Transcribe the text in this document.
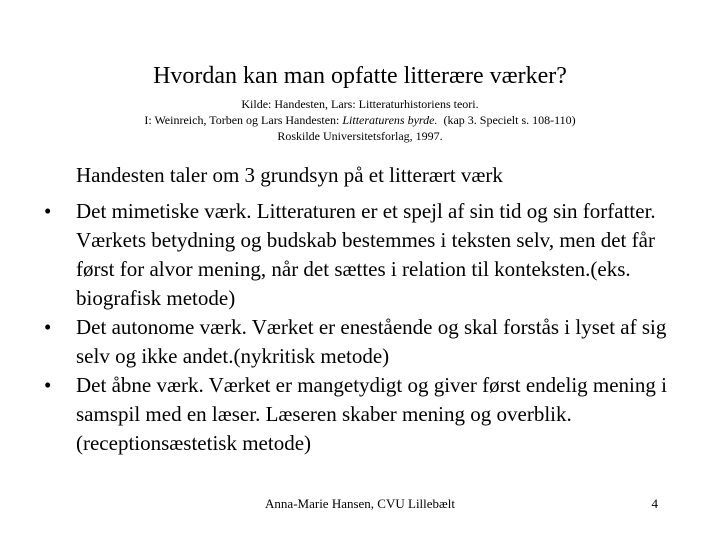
Hvordan kan man opfatte litterære værker?
Kilde: Handesten, Lars: Litteraturhistoriens teori.
I: Weinreich, Torben og Lars Handesten: Litteraturens byrde.  (kap 3. Specielt s. 108-110)
Roskilde Universitetsforlag, 1997.
Handesten taler om 3 grundsyn på et litterært værk
• Det mimetiske værk. Litteraturen er et spejl af sin tid og sin forfatter. Værkets betydning og budskab bestemmes i teksten selv, men det får først for alvor mening, når det sættes i relation til konteksten.(eks. biografisk metode)
• Det autonome værk. Værket er enestående og skal forstås i lyset af sig selv og ikke andet.(nykritisk metode)
• Det åbne værk. Værket er mangetydigt og giver først endelig mening i samspil med en læser. Læseren skaber mening og overblik. (receptionsæstetisk metode)
Anna-Marie Hansen, CVU Lillebælt	4
